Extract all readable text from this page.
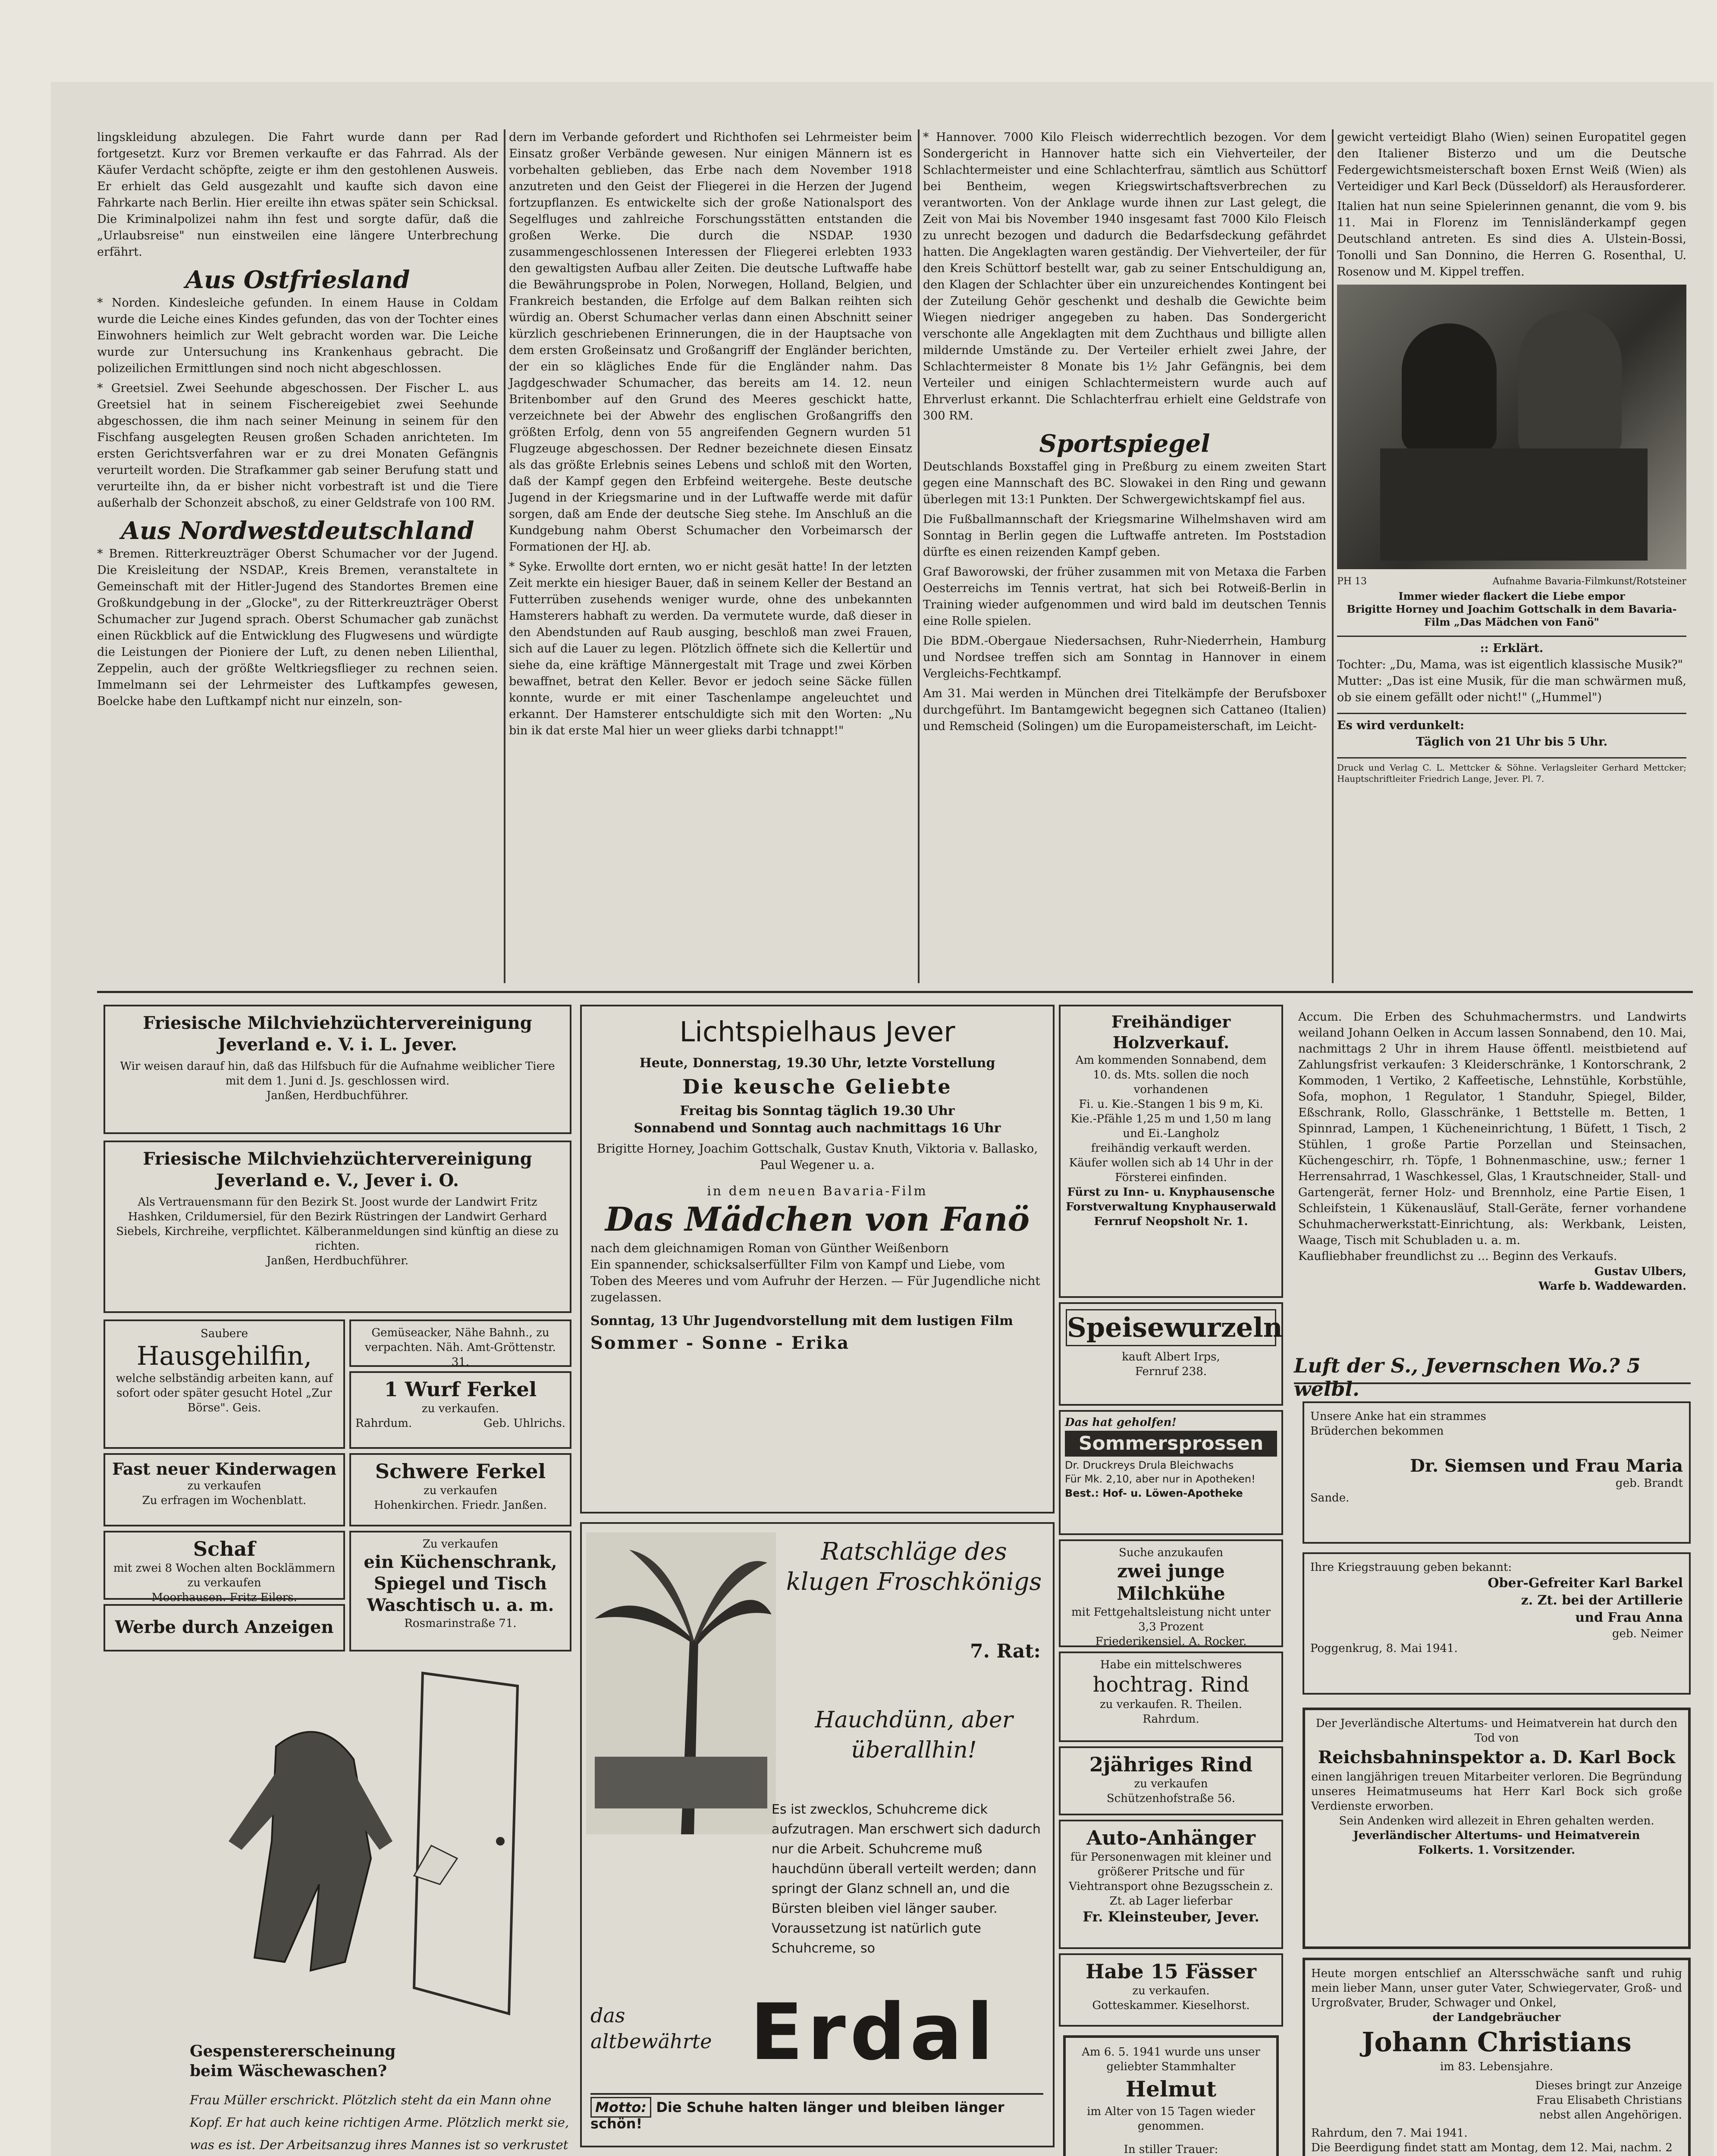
lingskleidung abzulegen. Die Fahrt wurde dann per Rad fortgesetzt. Kurz vor Bremen verkaufte er das Fahrrad. Als der Käufer Verdacht schöpfte, zeigte er ihm den gestohlenen Ausweis. Er erhielt das Geld ausgezahlt und kaufte sich davon eine Fahrkarte nach Berlin. Hier ereilte ihn etwas später sein Schicksal. Die Kriminalpolizei nahm ihn fest und sorgte dafür, daß die „Urlaubsreise" nun einstweilen eine längere Unterbrechung erfährt.

Aus Ostfriesland

* Norden. Kindesleiche gefunden. In einem Hause in Coldam wurde die Leiche eines Kindes gefunden, das von der Tochter eines Einwohners heimlich zur Welt gebracht worden war. Die Leiche wurde zur Untersuchung ins Krankenhaus gebracht. Die polizeilichen Ermittlungen sind noch nicht abgeschlossen.

* Greetsiel. Zwei Seehunde abgeschossen. Der Fischer L. aus Greetsiel hat in seinem Fischereigebiet zwei Seehunde abgeschossen, die ihm nach seiner Meinung in seinem für den Fischfang ausgelegten Reusen großen Schaden anrichteten. Im ersten Gerichtsverfahren war er zu drei Monaten Gefängnis verurteilt worden. Die Strafkammer gab seiner Berufung statt und verurteilte ihn, da er bisher nicht vorbestraft ist und die Tiere außerhalb der Schonzeit abschoß, zu einer Geldstrafe von 100 RM.

Aus Nordwestdeutschland

* Bremen. Ritterkreuzträger Oberst Schumacher vor der Jugend. Die Kreisleitung der NSDAP., Kreis Bremen, veranstaltete in Gemeinschaft mit der Hitler-Jugend des Standortes Bremen eine Großkundgebung in der „Glocke", zu der Ritterkreuzträger Oberst Schumacher zur Jugend sprach. Oberst Schumacher gab zunächst einen Rückblick auf die Entwicklung des Flugwesens und würdigte die Leistungen der Pioniere der Luft, zu denen neben Lilienthal, Zeppelin, auch der größte Weltkriegsflieger zu rechnen seien. Immelmann sei der Lehrmeister des Luftkampfes gewesen, Boelcke habe den Luftkampf nicht nur einzeln, son-

dern im Verbande gefordert und Richthofen sei Lehrmeister beim Einsatz großer Verbände gewesen. Nur einigen Männern ist es vorbehalten geblieben, das Erbe nach dem November 1918 anzutreten und den Geist der Fliegerei in die Herzen der Jugend fortzupflanzen. Es entwickelte sich der große Nationalsport des Segelfluges und zahlreiche Forschungsstätten entstanden die großen Werke. Die durch die NSDAP. 1930 zusammengeschlossenen Interessen der Fliegerei erlebten 1933 den gewaltigsten Aufbau aller Zeiten. Die deutsche Luftwaffe habe die Bewährungsprobe in Polen, Norwegen, Holland, Belgien, und Frankreich bestanden, die Erfolge auf dem Balkan reihten sich würdig an. Oberst Schumacher verlas dann einen Abschnitt seiner kürzlich geschriebenen Erinnerungen, die in der Hauptsache von dem ersten Großeinsatz und Großangriff der Engländer berichten, der ein so klägliches Ende für die Engländer nahm. Das Jagdgeschwader Schumacher, das bereits am 14. 12. neun Britenbomber auf den Grund des Meeres geschickt hatte, verzeichnete bei der Abwehr des englischen Großangriffs den größten Erfolg, denn von 55 angreifenden Gegnern wurden 51 Flugzeuge abgeschossen. Der Redner bezeichnete diesen Einsatz als das größte Erlebnis seines Lebens und schloß mit den Worten, daß der Kampf gegen den Erbfeind weitergehe. Beste deutsche Jugend in der Kriegsmarine und in der Luftwaffe werde mit dafür sorgen, daß am Ende der deutsche Sieg stehe. Im Anschluß an die Kundgebung nahm Oberst Schumacher den Vorbeimarsch der Formationen der HJ. ab.

* Syke. Erwollte dort ernten, wo er nicht gesät hatte! In der letzten Zeit merkte ein hiesiger Bauer, daß in seinem Keller der Bestand an Futterrüben zusehends weniger wurde, ohne des unbekannten Hamsterers habhaft zu werden. Da vermutete wurde, daß dieser in den Abendstunden auf Raub ausging, beschloß man zwei Frauen, sich auf die Lauer zu legen. Plötzlich öffnete sich die Kellertür und siehe da, eine kräftige Männergestalt mit Trage und zwei Körben bewaffnet, betrat den Keller. Bevor er jedoch seine Säcke füllen konnte, wurde er mit einer Taschenlampe angeleuchtet und erkannt. Der Hamsterer entschuldigte sich mit den Worten: „Nu bin ik dat erste Mal hier un weer glieks darbi tchnappt!"

* Hannover. 7000 Kilo Fleisch widerrechtlich bezogen. Vor dem Sondergericht in Hannover hatte sich ein Viehverteiler, der Schlachtermeister und eine Schlachterfrau, sämtlich aus Schüttorf bei Bentheim, wegen Kriegswirtschaftsverbrechen zu verantworten. Von der Anklage wurde ihnen zur Last gelegt, die Zeit von Mai bis November 1940 insgesamt fast 7000 Kilo Fleisch zu unrecht bezogen und dadurch die Bedarfsdeckung gefährdet hatten. Die Angeklagten waren geständig. Der Viehverteiler, der für den Kreis Schüttorf bestellt war, gab zu seiner Entschuldigung an, den Klagen der Schlachter über ein unzureichendes Kontingent bei der Zuteilung Gehör geschenkt und deshalb die Gewichte beim Wiegen niedriger angegeben zu haben. Das Sondergericht verschonte alle Angeklagten mit dem Zuchthaus und billigte allen mildernde Umstände zu. Der Verteiler erhielt zwei Jahre, der Schlachtermeister 8 Monate bis 1½ Jahr Gefängnis, bei dem Verteiler und einigen Schlachtermeistern wurde auch auf Ehrverlust erkannt. Die Schlachterfrau erhielt eine Geldstrafe von 300 RM.

Sportspiegel

Deutschlands Boxstaffel ging in Preßburg zu einem zweiten Start gegen eine Mannschaft des BC. Slowakei in den Ring und gewann überlegen mit 13:1 Punkten. Der Schwergewichtskampf fiel aus.

Die Fußballmannschaft der Kriegsmarine Wilhelmshaven wird am Sonntag in Berlin gegen die Luftwaffe antreten. Im Poststadion dürfte es einen reizenden Kampf geben.

Graf Baworowski, der früher zusammen mit von Metaxa die Farben Oesterreichs im Tennis vertrat, hat sich bei Rotweiß-Berlin in Training wieder aufgenommen und wird bald im deutschen Tennis eine Rolle spielen.

Die BDM.-Obergaue Niedersachsen, Ruhr-Niederrhein, Hamburg und Nordsee treffen sich am Sonntag in Hannover in einem Vergleichs-Fechtkampf.

Am 31. Mai werden in München drei Titelkämpfe der Berufsboxer durchgeführt. Im Bantamgewicht begegnen sich Cattaneo (Italien) und Remscheid (Solingen) um die Europameisterschaft, im Leicht-

gewicht verteidigt Blaho (Wien) seinen Europatitel gegen den Italiener Bisterzo und um die Deutsche Federgewichtsmeisterschaft boxen Ernst Weiß (Wien) als Verteidiger und Karl Beck (Düsseldorf) als Herausforderer.

Italien hat nun seine Spielerinnen genannt, die vom 9. bis 11. Mai in Florenz im Tennisländerkampf gegen Deutschland antreten. Es sind dies A. Ulstein-Bossi, Tonolli und San Donnino, die Herren G. Rosenthal, U. Rosenow und M. Kippel treffen.

PH 13	Aufnahme Bavaria-Filmkunst/Rotsteiner
Immer wieder flackert die Liebe empor
Brigitte Horney und Joachim Gottschalk in dem Bavaria-Film „Das Mädchen von Fanö"
:: Erklärt.
Tochter: „Du, Mama, was ist eigentlich klassische Musik?"
Mutter: „Das ist eine Musik, für die man schwärmen muß, ob sie einem gefällt oder nicht!" („Hummel")
Es wird verdunkelt:
Täglich von 21 Uhr bis 5 Uhr.
Druck und Verlag C. L. Mettcker & Söhne. Verlagsleiter Gerhard Mettcker; Hauptschriftleiter Friedrich Lange, Jever. Pl. 7.
Friesische Milchviehzüchtervereinigung Jeverland e. V. i. L. Jever.
Wir weisen darauf hin, daß das Hilfsbuch für die Aufnahme weiblicher Tiere mit dem 1. Juni d. Js. geschlossen wird.
Janßen, Herdbuchführer.
Friesische Milchviehzüchtervereinigung Jeverland e. V., Jever i. O.
Als Vertrauensmann für den Bezirk St. Joost wurde der Landwirt Fritz Hashken, Crildumersiel, für den Bezirk Rüstringen der Landwirt Gerhard Siebels, Kirchreihe, verpflichtet. Kälberanmeldungen sind künftig an diese zu richten.
Janßen, Herdbuchführer.
Saubere
Hausgehilfin,
welche selbständig arbeiten kann, auf sofort oder später gesucht Hotel „Zur Börse". Geis.
Gemüseacker, Nähe Bahnh., zu verpachten. Näh. Amt-Gröttenstr. 31.
1 Wurf Ferkel
zu verkaufen.
Rahrdum.	Geb. Uhlrichs.
Fast neuer Kinderwagen
zu verkaufen
Zu erfragen im Wochenblatt.
Schwere Ferkel
zu verkaufen
Hohenkirchen. Friedr. Janßen.
Schaf
mit zwei 8 Wochen alten Bocklämmern zu verkaufen
Moorhausen. Fritz Eilers.
Zu verkaufen
ein Küchenschrank, Spiegel und Tisch Waschtisch u. a. m.
Rosmarinstraße 71.
Werbe durch Anzeigen
Gespenstererscheinung beim Wäschewaschen?
Frau Müller erschrickt. Plötzlich steht da ein Mann ohne Kopf. Er hat auch keine richtigen Arme. Plötzlich merkt sie, was es ist. Der Arbeitsanzug ihres Mannes ist so verkrustet
Lichtspielhaus Jever
Heute, Donnerstag, 19.30 Uhr, letzte Vorstellung
Die keusche Geliebte
Freitag bis Sonntag täglich 19.30 Uhr
Sonnabend und Sonntag auch nachmittags 16 Uhr
Brigitte Horney, Joachim Gottschalk, Gustav Knuth, Viktoria v. Ballasko, Paul Wegener u. a.
in dem neuen Bavaria-Film
Das Mädchen von Fanö
nach dem gleichnamigen Roman von Günther Weißenborn
Ein spannender, schicksalserfüllter Film von Kampf und Liebe, vom Toben des Meeres und vom Aufruhr der Herzen. — Für Jugendliche nicht zugelassen.
Sonntag, 13 Uhr Jugendvorstellung mit dem lustigen Film
Sommer - Sonne - Erika
Ratschläge des klugen Froschkönigs
7. Rat:
Hauchdünn, aber überallhin!
Es ist zwecklos, Schuhcreme dick aufzutragen. Man erschwert sich dadurch nur die Arbeit. Schuhcreme muß hauchdünn überall verteilt werden; dann springt der Glanz schnell an, und die Bürsten bleiben viel länger sauber. Voraussetzung ist natürlich gute Schuhcreme, so
das altbewährte Erdal
Motto: Die Schuhe halten länger und bleiben länger schön!
Freihändiger Holzverkauf.
Am kommenden Sonnabend, dem 10. ds. Mts. sollen die noch vorhandenen
Fi. u. Kie.-Stangen 1 bis 9 m, Ki. Kie.-Pfähle 1,25 m und 1,50 m lang und Ei.-Langholz
freihändig verkauft werden.
Käufer wollen sich ab 14 Uhr in der Försterei einfinden.
Fürst zu Inn- u. Knyphausensche Forstverwaltung Knyphauserwald
Fernruf Neopsholt Nr. 1.
Speisewurzeln
kauft Albert Irps,
Fernruf 238.
Das hat geholfen!
Sommersprossen
Dr. Druckreys Drula Bleichwachs
Für Mk. 2,10, aber nur in Apotheken!
Best.: Hof- u. Löwen-Apotheke
Suche anzukaufen
zwei junge Milchkühe
mit Fettgehaltsleistung nicht unter 3,3 Prozent
Friederikensiel. A. Rocker.
Habe ein mittelschweres
hochtrag. Rind
zu verkaufen. R. Theilen.
Rahrdum.
2jähriges Rind
zu verkaufen
Schützenhofstraße 56.
Auto-Anhänger
für Personenwagen mit kleiner und größerer Pritsche und für Viehtransport ohne Bezugsschein z. Zt. ab Lager lieferbar
Fr. Kleinsteuber, Jever.
Habe 15 Fässer
zu verkaufen.
Gotteskammer. Kieselhorst.
Am 6. 5. 1941 wurde uns unser geliebter Stammhalter
Helmut
im Alter von 15 Tagen wieder genommen.
In stiller Trauer:

Accum. Die Erben des Schuhmachermstrs. und Landwirts weiland Johann Oelken in Accum lassen Sonnabend, den 10. Mai, nachmittags 2 Uhr in ihrem Hause öffentl. meistbietend auf Zahlungsfrist verkaufen: 3 Kleiderschränke, 1 Kontorschrank, 2 Kommoden, 1 Vertiko, 2 Kaffeetische, Lehnstühle, Korbstühle, Sofa, mophon, 1 Regulator, 1 Standuhr, Spiegel, Bilder, Eßschrank, Rollo, Glasschränke, 1 Bettstelle m. Betten, 1 Spinnrad, Lampen, 1 Kücheneinrichtung, 1 Büfett, 1 Tisch, 2 Stühlen, 1 große Partie Porzellan und Steinsachen, Küchengeschirr, rh. Töpfe, 1 Bohnenmaschine, usw.; ferner 1 Herrensahrrad, 1 Waschkessel, Glas, 1 Krautschneider, Stall- und Gartengerät, ferner Holz- und Brennholz, eine Partie Eisen, 1 Schleifstein, 1 Kükenausläuf, Stall-Geräte, ferner vorhandene Schuhmacherwerkstatt-Einrichtung, als: Werkbank, Leisten, Waage, Tisch mit Schubladen u. a. m.
Kaufliebhaber freundlichst zu ... Beginn des Verkaufs.
Gustav Ulbers,
Warfe b. Waddewarden.
Luft der S., Jevernschen Wo.? 5 welbl.
Unsere Anke hat ein strammes Brüderchen bekommen
Dr. Siemsen und Frau Maria
geb. Brandt
Sande.
Ihre Kriegstrauung geben bekannt:
Ober-Gefreiter Karl Barkel
z. Zt. bei der Artillerie
und Frau Anna
geb. Neimer
Poggenkrug, 8. Mai 1941.
Der Jeverländische Altertums- und Heimatverein hat durch den Tod von
Reichsbahninspektor a. D. Karl Bock
einen langjährigen treuen Mitarbeiter verloren. Die Begründung unseres Heimatmuseums hat Herr Karl Bock sich große Verdienste erworben.
Sein Andenken wird allezeit in Ehren gehalten werden.
Jeverländischer Altertums- und Heimatverein
Folkerts. 1. Vorsitzender.
Heute morgen entschlief an Altersschwäche sanft und ruhig mein lieber Mann, unser guter Vater, Schwiegervater, Groß- und Urgroßvater, Bruder, Schwager und Onkel,
der Landgebräucher
Johann Christians
im 83. Lebensjahre.
Dieses bringt zur Anzeige
Frau Elisabeth Christians
nebst allen Angehörigen.
Rahrdum, den 7. Mai 1941.
Die Beerdigung findet statt am Montag, dem 12. Mai, nachm. 2
